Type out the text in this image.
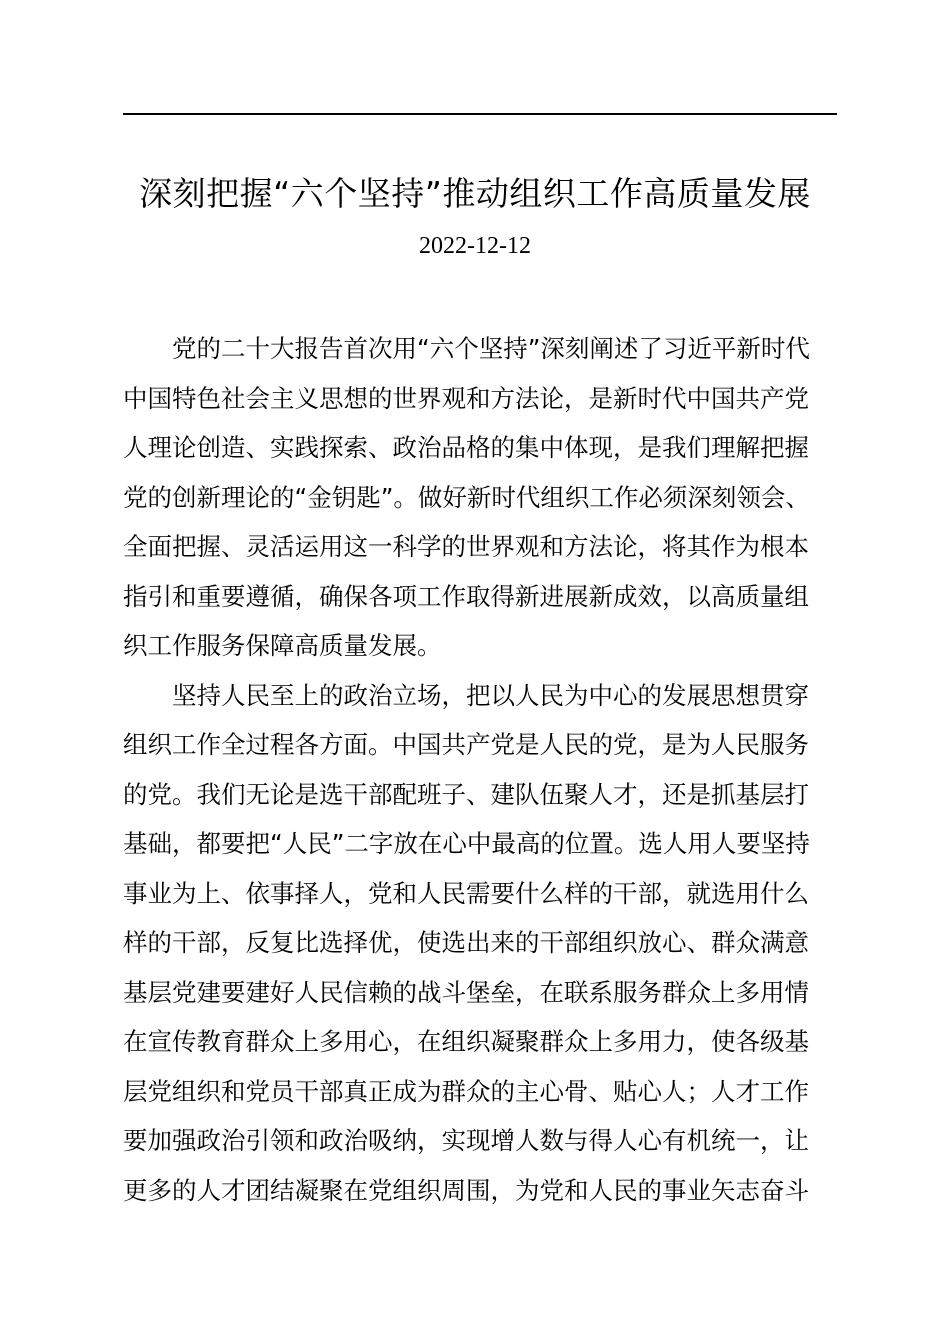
深刻把握“六个坚持”推动组织工作高质量发展
2022-12-12
党的二十大报告首次用“六个坚持”深刻阐述了习近平新时代
中国特色社会主义思想的世界观和方法论，是新时代中国共产党
人理论创造、实践探索、政治品格的集中体现，是我们理解把握
党的创新理论的“金钥匙”。做好新时代组织工作必须深刻领会、
全面把握、灵活运用这一科学的世界观和方法论，将其作为根本
指引和重要遵循，确保各项工作取得新进展新成效，以高质量组
织工作服务保障高质量发展。
坚持人民至上的政治立场，把以人民为中心的发展思想贯穿
组织工作全过程各方面。中国共产党是人民的党，是为人民服务
的党。我们无论是选干部配班子、建队伍聚人才，还是抓基层打
基础，都要把“人民”二字放在心中最高的位置。选人用人要坚持
事业为上、依事择人，党和人民需要什么样的干部，就选用什么
样的干部，反复比选择优，使选出来的干部组织放心、群众满意
基层党建要建好人民信赖的战斗堡垒，在联系服务群众上多用情
在宣传教育群众上多用心，在组织凝聚群众上多用力，使各级基
层党组织和党员干部真正成为群众的主心骨、贴心人；人才工作
要加强政治引领和政治吸纳，实现增人数与得人心有机统一，让
更多的人才团结凝聚在党组织周围，为党和人民的事业矢志奋斗
